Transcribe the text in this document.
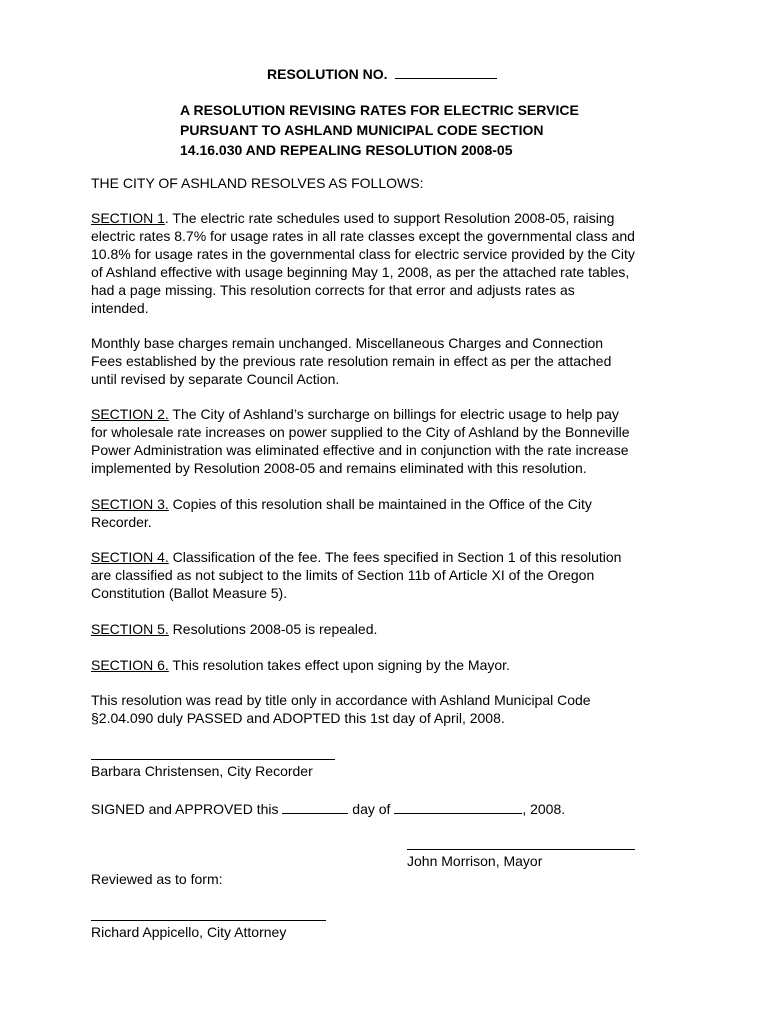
RESOLUTION NO.
A RESOLUTION REVISING RATES FOR ELECTRIC SERVICE
PURSUANT TO ASHLAND MUNICIPAL CODE SECTION
14.16.030 AND REPEALING RESOLUTION 2008-05
THE CITY OF ASHLAND RESOLVES AS FOLLOWS:
SECTION 1. The electric rate schedules used to support Resolution 2008-05, raising
electric rates 8.7% for usage rates in all rate classes except the governmental class and
10.8% for usage rates in the governmental class for electric service provided by the City
of Ashland effective with usage beginning May 1, 2008, as per the attached rate tables,
had a page missing. This resolution corrects for that error and adjusts rates as
intended.
Monthly base charges remain unchanged. Miscellaneous Charges and Connection
Fees established by the previous rate resolution remain in effect as per the attached
until revised by separate Council Action.
SECTION 2. The City of Ashland’s surcharge on billings for electric usage to help pay
for wholesale rate increases on power supplied to the City of Ashland by the Bonneville
Power Administration was eliminated effective and in conjunction with the rate increase
implemented by Resolution 2008-05 and remains eliminated with this resolution.
SECTION 3. Copies of this resolution shall be maintained in the Office of the City
Recorder.
SECTION 4. Classification of the fee. The fees specified in Section 1 of this resolution
are classified as not subject to the limits of Section 11b of Article XI of the Oregon
Constitution (Ballot Measure 5).
SECTION 5. Resolutions 2008-05 is repealed.
SECTION 6. This resolution takes effect upon signing by the Mayor.
This resolution was read by title only in accordance with Ashland Municipal Code
§2.04.090 duly PASSED and ADOPTED this 1st day of April, 2008.
Barbara Christensen, City Recorder
SIGNED and APPROVED this	day of	, 2008.
John Morrison, Mayor
Reviewed as to form:
Richard Appicello, City Attorney
